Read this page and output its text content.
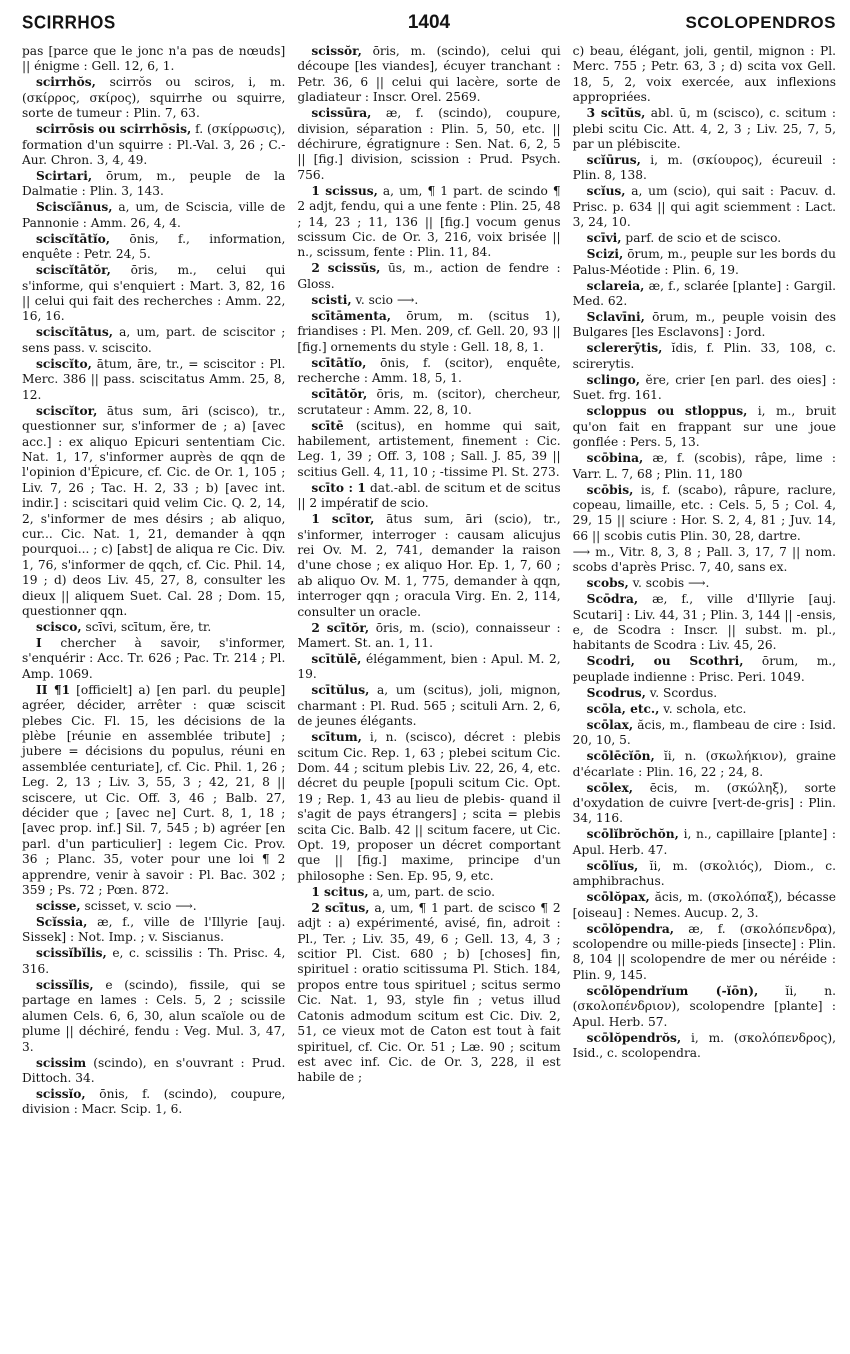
SCIRRHOS	1404	SCOLOPENDROS

pas [parce que le jonc n'a pas de nœuds] || énigme : Gell. 12, 6, 1.

scirrhŏs, scirrŏs ou sciros, i, m. (σκίρρος, σκίρος), squirrhe ou squirre, sorte de tumeur : Plin. 7, 63.

scirrōsis ou scirrhōsis, f. (σκίρρωσις), formation d'un squirre : Pl.-Val. 3, 26 ; C.-Aur. Chron. 3, 4, 49.

Scirtari, ōrum, m., peuple de la Dalmatie : Plin. 3, 143.

Sciscĭānus, a, um, de Sciscia, ville de Pannonie : Amm. 26, 4, 4.

sciscĭtātĭo, ōnis, f., information, enquête : Petr. 24, 5.

sciscĭtātŏr, ōris, m., celui qui s'informe, qui s'enquiert : Mart. 3, 82, 16 || celui qui fait des recherches : Amm. 22, 16, 16.

sciscĭtātus, a, um, part. de sciscitor ; sens pass. v. sciscito.

sciscĭto, ātum, āre, tr., = sciscitor : Pl. Merc. 386 || pass. sciscitatus Amm. 25, 8, 12.

sciscĭtor, ātus sum, āri (scisco), tr., questionner sur, s'informer de ; a) [avec acc.] : ex aliquo Epicuri sententiam Cic. Nat. 1, 17, s'informer auprès de qqn de l'opinion d'Épicure, cf. Cic. de Or. 1, 105 ; Liv. 7, 26 ; Tac. H. 2, 33 ; b) [avec int. indir.] : sciscitari quid velim Cic. Q. 2, 14, 2, s'informer de mes désirs ; ab aliquo, cur... Cic. Nat. 1, 21, demander à qqn pourquoi... ; c) [abst] de aliqua re Cic. Div. 1, 76, s'informer de qqch, cf. Cic. Phil. 14, 19 ; d) deos Liv. 45, 27, 8, consulter les dieux || aliquem Suet. Cal. 28 ; Dom. 15, questionner qqn.

scisco, scīvi, scītum, ĕre, tr.

I chercher à savoir, s'informer, s'enquérir : Acc. Tr. 626 ; Pac. Tr. 214 ; Pl. Amp. 1069.

II ¶1 [officielt] a) [en parl. du peuple] agréer, décider, arrêter : quæ sciscit plebes Cic. Fl. 15, les décisions de la plèbe [réunie en assemblée tribute] ; jubere = décisions du populus, réuni en assemblée centuriate], cf. Cic. Phil. 1, 26 ; Leg. 2, 13 ; Liv. 3, 55, 3 ; 42, 21, 8 || sciscere, ut Cic. Off. 3, 46 ; Balb. 27, décider que ; [avec ne] Curt. 8, 1, 18 ; [avec prop. inf.] Sil. 7, 545 ; b) agréer [en parl. d'un particulier] : legem Cic. Prov. 36 ; Planc. 35, voter pour une loi ¶ 2 apprendre, venir à savoir : Pl. Bac. 302 ; 359 ; Ps. 72 ; Pœn. 872.

scisse, scisset, v. scio ⟶.

Scĭssia, æ, f., ville de l'Illyrie [auj. Sissek] : Not. Imp. ; v. Siscianus.

scissĭbĭlis, e, c. scissilis : Th. Prisc. 4, 316.

scissĭlis, e (scindo), fissile, qui se partage en lames : Cels. 5, 2 ; scissile alumen Cels. 6, 6, 30, alun scaïole ou de plume || déchiré, fendu : Veg. Mul. 3, 47, 3.

scissim (scindo), en s'ouvrant : Prud. Dittoch. 34.

scissĭo, ōnis, f. (scindo), coupure, division : Macr. Scip. 1, 6.

scissŏr, ōris, m. (scindo), celui qui découpe [les viandes], écuyer tranchant : Petr. 36, 6 || celui qui lacère, sorte de gladiateur : Inscr. Orel. 2569.

scissūra, æ, f. (scindo), coupure, division, séparation : Plin. 5, 50, etc. || déchirure, égratignure : Sen. Nat. 6, 2, 5 || [fig.] division, scission : Prud. Psych. 756.

1 scissus, a, um, ¶ 1 part. de scindo ¶ 2 adjt, fendu, qui a une fente : Plin. 25, 48 ; 14, 23 ; 11, 136 || [fig.] vocum genus scissum Cic. de Or. 3, 216, voix brisée || n., scissum, fente : Plin. 11, 84.

2 scissŭs, ūs, m., action de fendre : Gloss.

scisti, v. scio ⟶.

scītāmenta, ōrum, m. (scitus 1), friandises : Pl. Men. 209, cf. Gell. 20, 93 || [fig.] ornements du style : Gell. 18, 8, 1.

scītātĭo, ōnis, f. (scitor), enquête, recherche : Amm. 18, 5, 1.

scītātŏr, ōris, m. (scitor), chercheur, scrutateur : Amm. 22, 8, 10.

scītē (scitus), en homme qui sait, habilement, artistement, finement : Cic. Leg. 1, 39 ; Off. 3, 108 ; Sall. J. 85, 39 || scitius Gell. 4, 11, 10 ; -tissime Pl. St. 273.

scīto : 1 dat.-abl. de scitum et de scitus || 2 impératif de scio.

1 scītor, ātus sum, āri (scio), tr., s'informer, interroger : causam alicujus rei Ov. M. 2, 741, demander la raison d'une chose ; ex aliquo Hor. Ep. 1, 7, 60 ; ab aliquo Ov. M. 1, 775, demander à qqn, interroger qqn ; oracula Virg. En. 2, 114, consulter un oracle.

2 scītŏr, ōris, m. (scio), connaisseur : Mamert. St. an. 1, 11.

scītŭlē, élégamment, bien : Apul. M. 2, 19.

scītŭlus, a, um (scitus), joli, mignon, charmant : Pl. Rud. 565 ; scituli Arn. 2, 6, de jeunes élégants.

scītum, i, n. (scisco), décret : plebis scitum Cic. Rep. 1, 63 ; plebei scitum Cic. Dom. 44 ; scitum plebis Liv. 22, 26, 4, etc. décret du peuple [populi scitum Cic. Opt. 19 ; Rep. 1, 43 au lieu de plebis- quand il s'agit de pays étrangers] ; scita = plebis scita Cic. Balb. 42 || scitum facere, ut Cic. Opt. 19, proposer un décret comportant que || [fig.] maxime, principe d'un philosophe : Sen. Ep. 95, 9, etc.

1 scitus, a, um, part. de scio.

2 scītus, a, um, ¶ 1 part. de scisco ¶ 2 adjt : a) expérimenté, avisé, fin, adroit : Pl., Ter. ; Liv. 35, 49, 6 ; Gell. 13, 4, 3 ; scitior Pl. Cist. 680 ; b) [choses] fin, spirituel : oratio scitissuma Pl. Stich. 184, propos entre tous spirituel ; scitus sermo Cic. Nat. 1, 93, style fin ; vetus illud Catonis admodum scitum est Cic. Div. 2, 51, ce vieux mot de Caton est tout à fait spirituel, cf. Cic. Or. 51 ; Læ. 90 ; scitum est avec inf. Cic. de Or. 3, 228, il est habile de ;

c) beau, élégant, joli, gentil, mignon : Pl. Merc. 755 ; Petr. 63, 3 ; d) scita vox Gell. 18, 5, 2, voix exercée, aux inflexions appropriées.

3 scītŭs, abl. ū, m (scisco), c. scitum : plebi scitu Cic. Att. 4, 2, 3 ; Liv. 25, 7, 5, par un plébiscite.

scĭūrus, i, m. (σκίουρος), écureuil : Plin. 8, 138.

scĭus, a, um (scio), qui sait : Pacuv. d. Prisc. p. 634 || qui agit sciemment : Lact. 3, 24, 10.

scīvi, parf. de scio et de scisco.

Scizi, ōrum, m., peuple sur les bords du Palus-Méotide : Plin. 6, 19.

sclareia, æ, f., sclarée [plante] : Gargil. Med. 62.

Sclavīni, ōrum, m., peuple voisin des Bulgares [les Esclavons] : Jord.

sclererȳtis, ĭdis, f. Plin. 33, 108, c. scirerytis.

sclingo, ĕre, crier [en parl. des oies] : Suet. frg. 161.

scloppus ou stloppus, i, m., bruit qu'on fait en frappant sur une joue gonflée : Pers. 5, 13.

scōbina, æ, f. (scobis), râpe, lime : Varr. L. 7, 68 ; Plin. 11, 180

scōbis, is, f. (scabo), râpure, raclure, copeau, limaille, etc. : Cels. 5, 5 ; Col. 4, 29, 15 || sciure : Hor. S. 2, 4, 81 ; Juv. 14, 66 || scobis cutis Plin. 30, 28, dartre.

⟶ m., Vitr. 8, 3, 8 ; Pall. 3, 17, 7 || nom. scobs d'après Prisc. 7, 40, sans ex.

scobs, v. scobis ⟶.

Scōdra, æ, f., ville d'Illyrie [auj. Scutari] : Liv. 44, 31 ; Plin. 3, 144 || -ensis, e, de Scodra : Inscr. || subst. m. pl., habitants de Scodra : Liv. 45, 26.

Scodri, ou Scothri, ōrum, m., peuplade indienne : Prisc. Peri. 1049.

Scodrus, v. Scordus.

scōla, etc., v. schola, etc.

scōlax, ăcis, m., flambeau de cire : Isid. 20, 10, 5.

scōlēcĭōn, ĭi, n. (σκωλήκιον), graine d'écarlate : Plin. 16, 22 ; 24, 8.

scōlex, ēcis, m. (σκώληξ), sorte d'oxydation de cuivre [vert-de-gris] : Plin. 34, 116.

scōlĭbrŏchŏn, i, n., capillaire [plante] : Apul. Herb. 47.

scōlĭus, ĭi, m. (σκολιός), Diom., c. amphibrachus.

scōlŏpax, ăcis, m. (σκολόπαξ), bécasse [oiseau] : Nemes. Aucup. 2, 3.

scōlŏpendra, æ, f. (σκολόπενδρα), scolopendre ou mille-pieds [insecte] : Plin. 8, 104 || scolopendre de mer ou néréide : Plin. 9, 145.

scōlŏpendrĭum (-ĭōn), ĭi, n. (σκολοπένδριον), scolopendre [plante] : Apul. Herb. 57.

scōlŏpendrŏs, i, m. (σκολόπενδρος), Isid., c. scolopendra.
